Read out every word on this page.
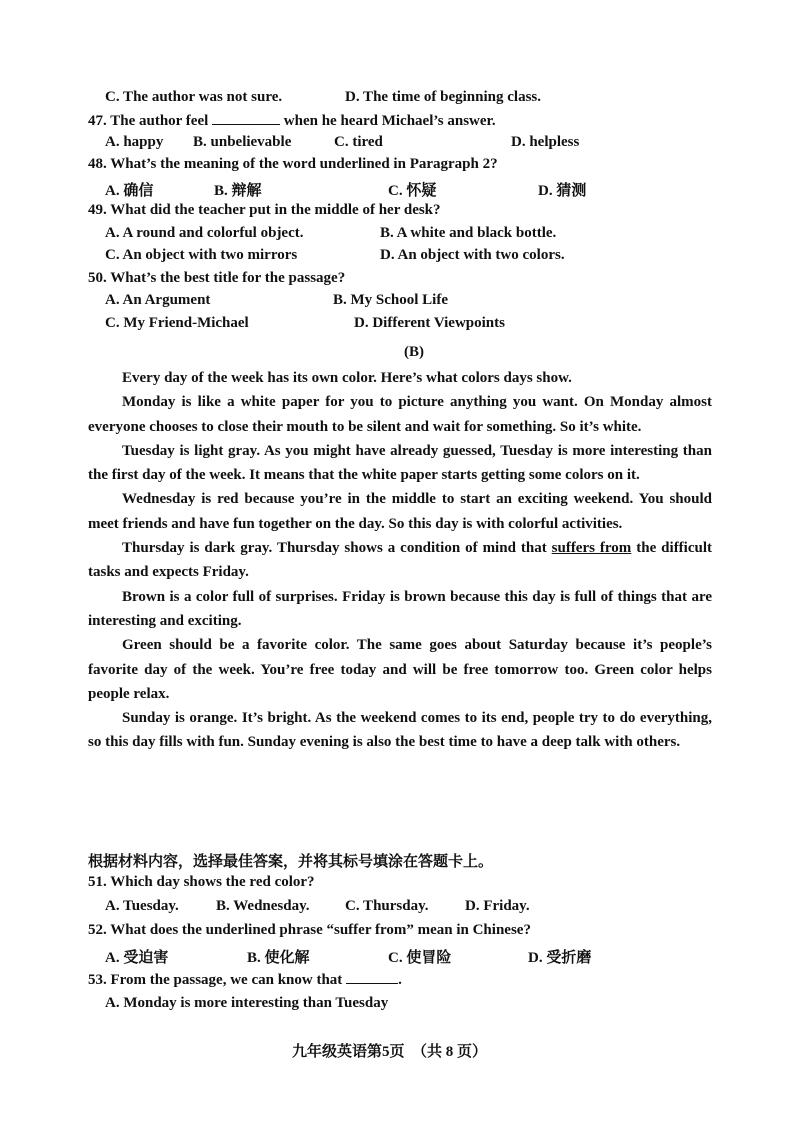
C. The author was not sure.	D. The time of beginning class.
47. The author feel	when he heard Michael’s answer.
A. happy B. unbelievable	C. tired	D. helpless
48. What’s the meaning of the word underlined in Paragraph 2?
A. 确信	B. 辩解	C. 怀疑	D. 猜测
49. What did the teacher put in the middle of her desk?
A. A round and colorful object.	B. A white and black bottle.
C. An object with two mirrors	D. An object with two colors.
50. What’s the best title for the passage?
A. An Argument	B. My School Life
C. My Friend-Michael	D. Different Viewpoints
(B)

Every day of the week has its own color. Here’s what colors days show.

Monday is like a white paper for you to picture anything you want. On Monday almost everyone chooses to close their mouth to be silent and wait for something. So it’s white.

Tuesday is light gray. As you might have already guessed, Tuesday is more interesting than the first day of the week. It means that the white paper starts getting some colors on it.

Wednesday is red because you’re in the middle to start an exciting weekend. You should meet friends and have fun together on the day. So this day is with colorful activities.

Thursday is dark gray. Thursday shows a condition of mind that suffers from the difficult tasks and expects Friday.

Brown is a color full of surprises. Friday is brown because this day is full of things that are interesting and exciting.

Green should be a favorite color. The same goes about Saturday because it’s people’s favorite day of the week. You’re free today and will be free tomorrow too. Green color helps people relax.

Sunday is orange. It’s bright. As the weekend comes to its end, people try to do everything, so this day fills with fun. Sunday evening is also the best time to have a deep talk with others.

根据材料内容，选择最佳答案，并将其标号填涂在答题卡上。
51. Which day shows the red color?
A. Tuesday. B. Wednesday. C. Thursday. D. Friday.
52. What does the underlined phrase “suffer from” mean in Chinese?
A. 受迫害	B. 使化解	C. 使冒险	D. 受折磨
53. From the passage, we can know that	.
A. Monday is more interesting than Tuesday
九年级英语第5页　（共 8 页）
